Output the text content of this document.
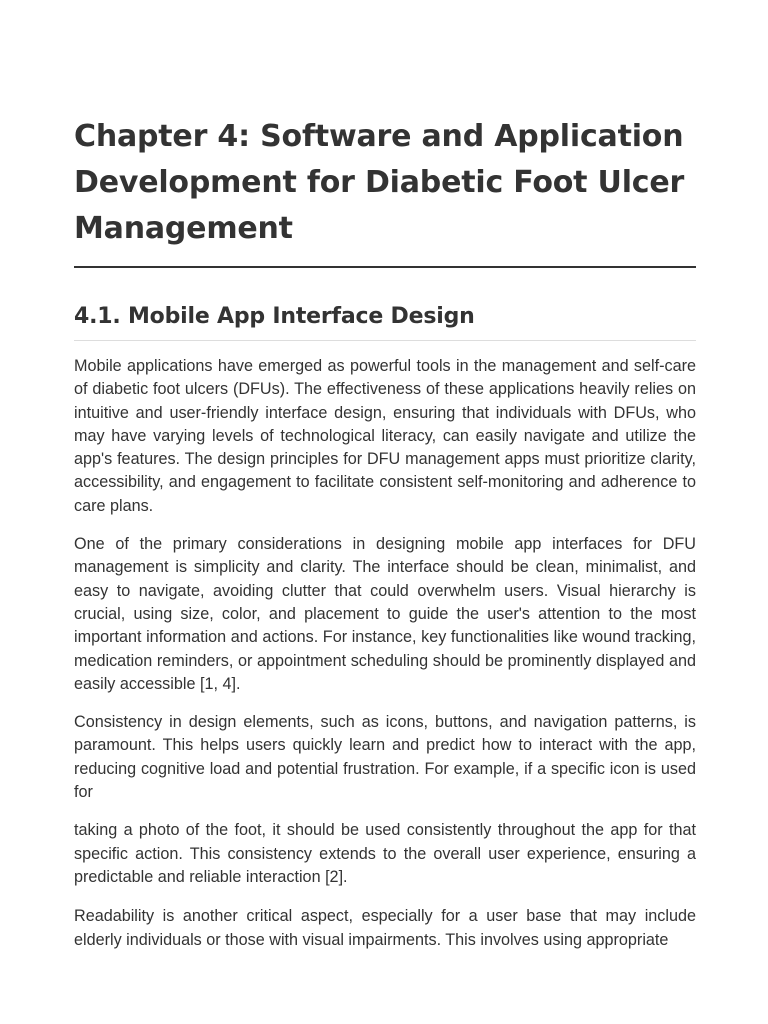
Chapter 4: Software and Application Development for Diabetic Foot Ulcer Management
4.1. Mobile App Interface Design

Mobile applications have emerged as powerful tools in the management and self-care of diabetic foot ulcers (DFUs). The effectiveness of these applications heavily relies on intuitive and user-friendly interface design, ensuring that individuals with DFUs, who may have varying levels of technological literacy, can easily navigate and utilize the app's features. The design principles for DFU management apps must prioritize clarity, accessibility, and engagement to facilitate consistent self-monitoring and adherence to care plans.

One of the primary considerations in designing mobile app interfaces for DFU management is simplicity and clarity. The interface should be clean, minimalist, and easy to navigate, avoiding clutter that could overwhelm users. Visual hierarchy is crucial, using size, color, and placement to guide the user's attention to the most important information and actions. For instance, key functionalities like wound tracking, medication reminders, or appointment scheduling should be prominently displayed and easily accessible [1, 4].

Consistency in design elements, such as icons, buttons, and navigation patterns, is paramount. This helps users quickly learn and predict how to interact with the app, reducing cognitive load and potential frustration. For example, if a specific icon is used for

taking a photo of the foot, it should be used consistently throughout the app for that specific action. This consistency extends to the overall user experience, ensuring a predictable and reliable interaction [2].

Readability is another critical aspect, especially for a user base that may include elderly individuals or those with visual impairments. This involves using appropriate
